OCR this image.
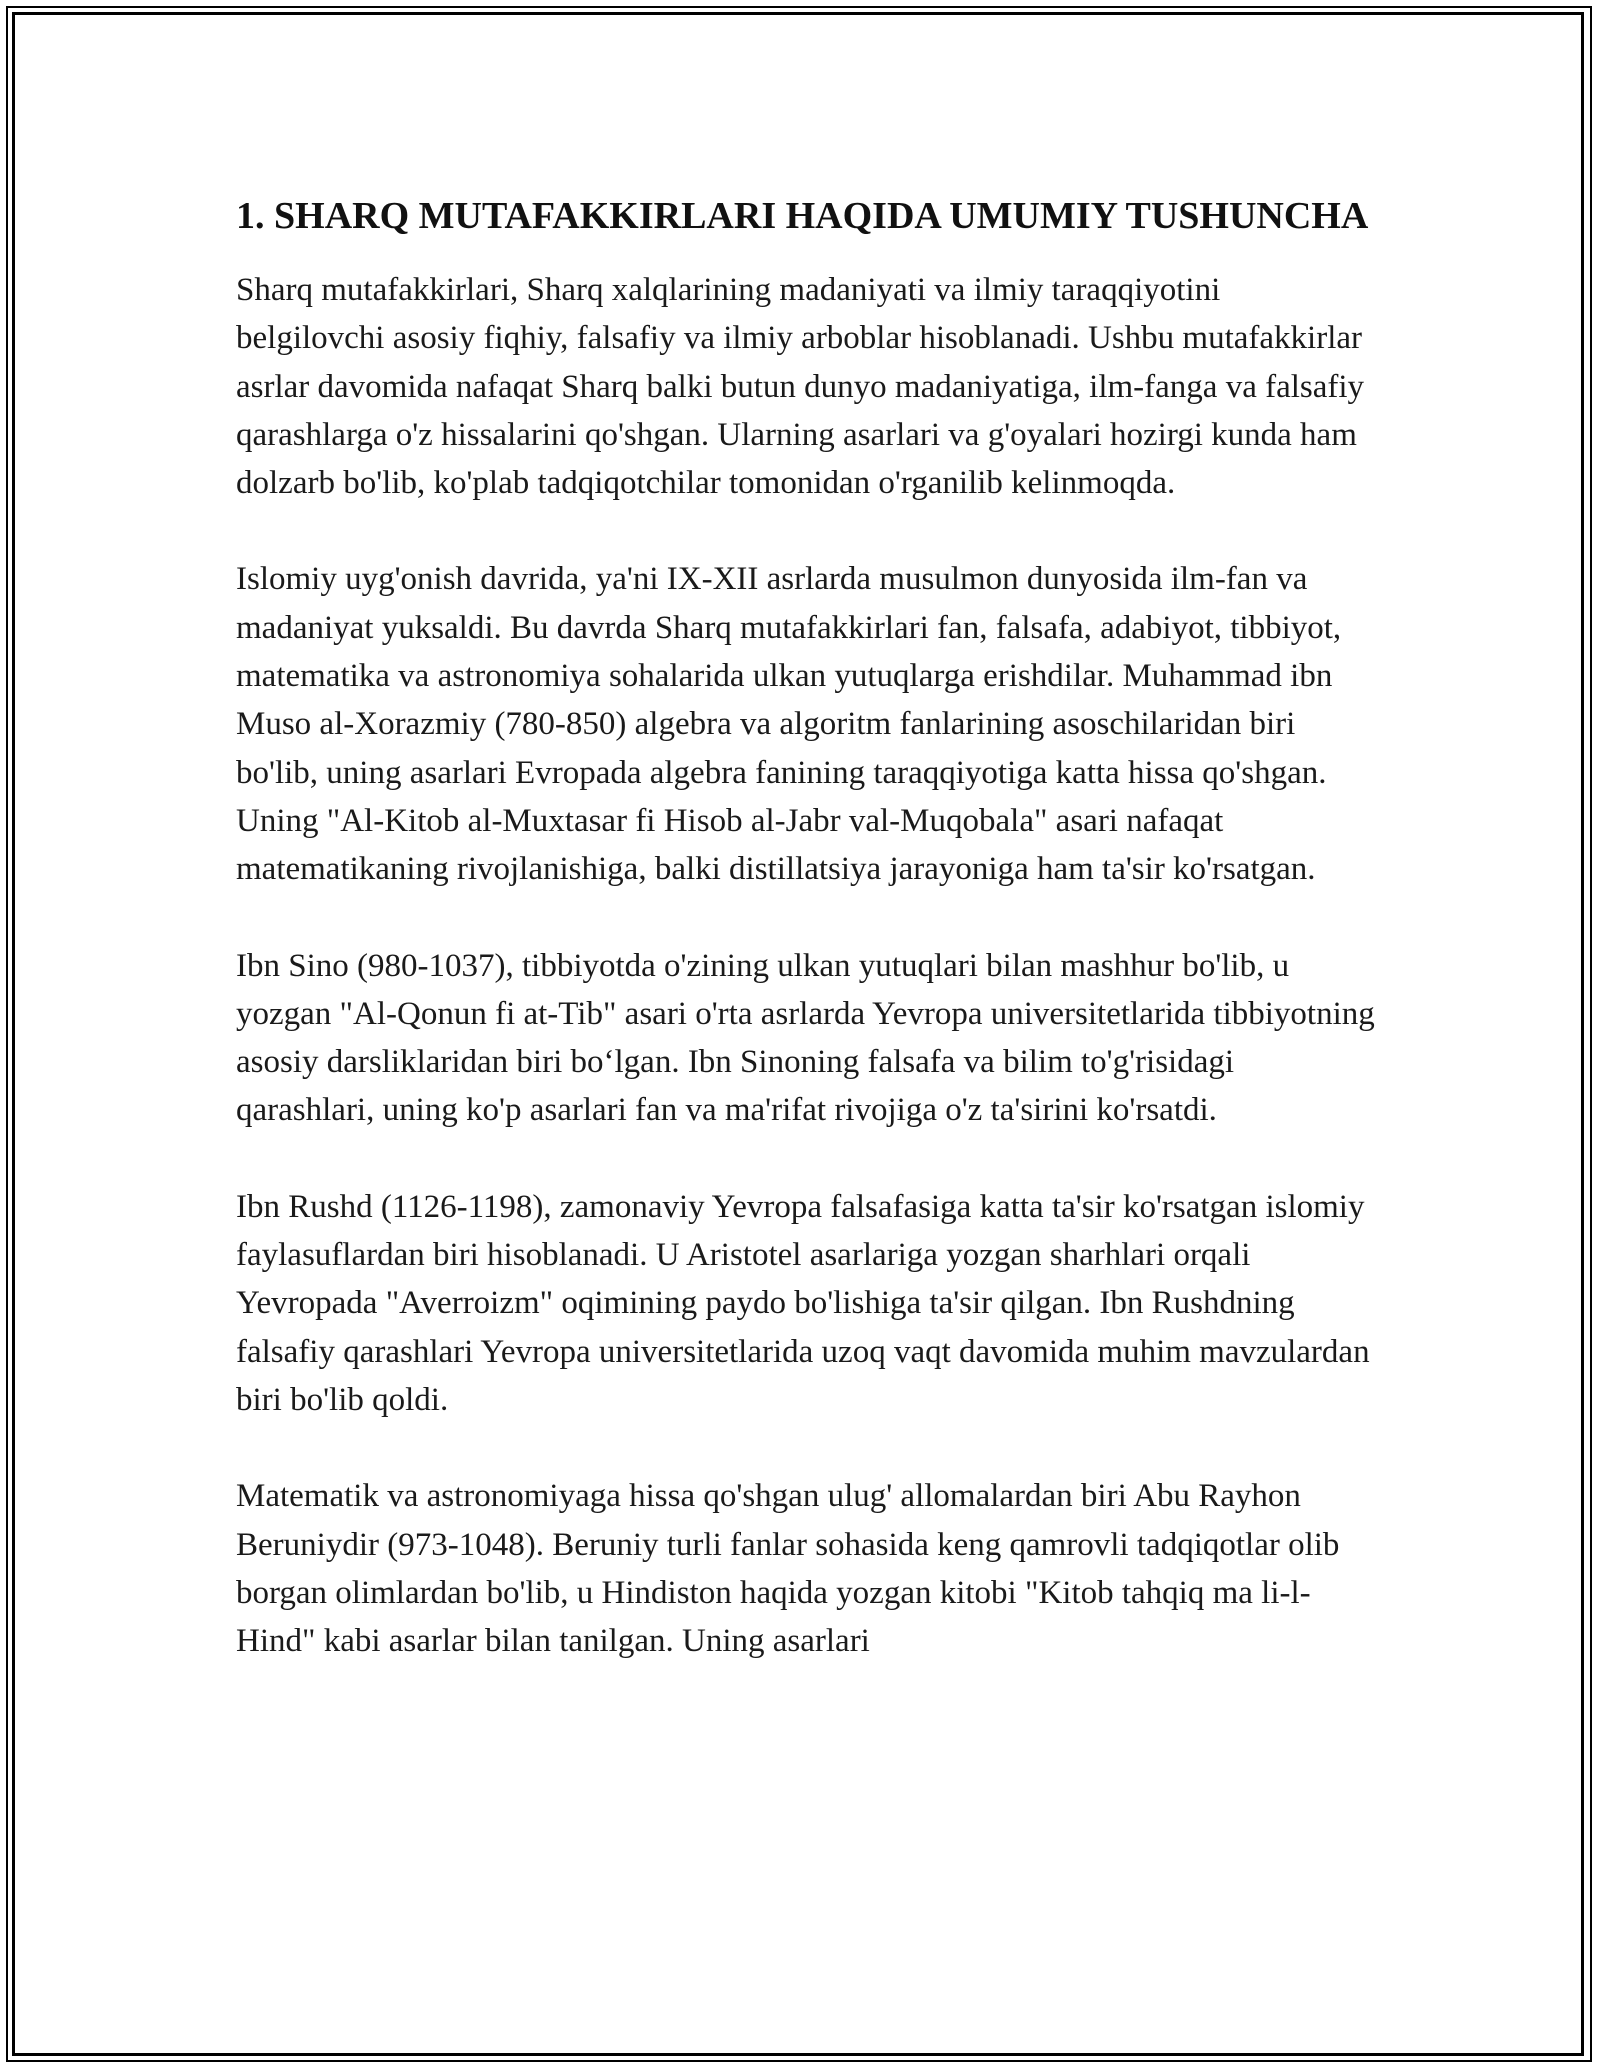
1. SHARQ MUTAFAKKIRLARI HAQIDA UMUMIY TUSHUNCHA

Sharq mutafakkirlari, Sharq xalqlarining madaniyati va ilmiy taraqqiyotini belgilovchi asosiy fiqhiy, falsafiy va ilmiy arboblar hisoblanadi. Ushbu mutafakkirlar asrlar davomida nafaqat Sharq balki butun dunyo madaniyatiga, ilm-fanga va falsafiy qarashlarga o'z hissalarini qo'shgan. Ularning asarlari va g'oyalari hozirgi kunda ham dolzarb bo'lib, ko'plab tadqiqotchilar tomonidan o'rganilib kelinmoqda.

Islomiy uyg'onish davrida, ya'ni IX-XII asrlarda musulmon dunyosida ilm-fan va madaniyat yuksaldi. Bu davrda Sharq mutafakkirlari fan, falsafa, adabiyot, tibbiyot, matematika va astronomiya sohalarida ulkan yutuqlarga erishdilar. Muhammad ibn Muso al-Xorazmiy (780-850) algebra va algoritm fanlarining asoschilaridan biri bo'lib, uning asarlari Evropada algebra fanining taraqqiyotiga katta hissa qo'shgan. Uning "Al-Kitob al-Muxtasar fi Hisob al-Jabr val-Muqobala" asari nafaqat matematikaning rivojlanishiga, balki distillatsiya jarayoniga ham ta'sir ko'rsatgan.

Ibn Sino (980-1037), tibbiyotda o'zining ulkan yutuqlari bilan mashhur bo'lib, u yozgan "Al-Qonun fi at-Tib" asari o'rta asrlarda Yevropa universitetlarida tibbiyotning asosiy darsliklaridan biri bo‘lgan. Ibn Sinoning falsafa va bilim to'g'risidagi qarashlari, uning ko'p asarlari fan va ma'rifat rivojiga o'z ta'sirini ko'rsatdi.

Ibn Rushd (1126-1198), zamonaviy Yevropa falsafasiga katta ta'sir ko'rsatgan islomiy faylasuflardan biri hisoblanadi. U Aristotel asarlariga yozgan sharhlari orqali Yevropada "Averroizm" oqimining paydo bo'lishiga ta'sir qilgan. Ibn Rushdning falsafiy qarashlari Yevropa universitetlarida uzoq vaqt davomida muhim mavzulardan biri bo'lib qoldi.

Matematik va astronomiyaga hissa qo'shgan ulug' allomalardan biri Abu Rayhon Beruniydir (973-1048). Beruniy turli fanlar sohasida keng qamrovli tadqiqotlar olib borgan olimlardan bo'lib, u Hindiston haqida yozgan kitobi "Kitob tahqiq ma li-l-Hind" kabi asarlar bilan tanilgan. Uning asarlari
